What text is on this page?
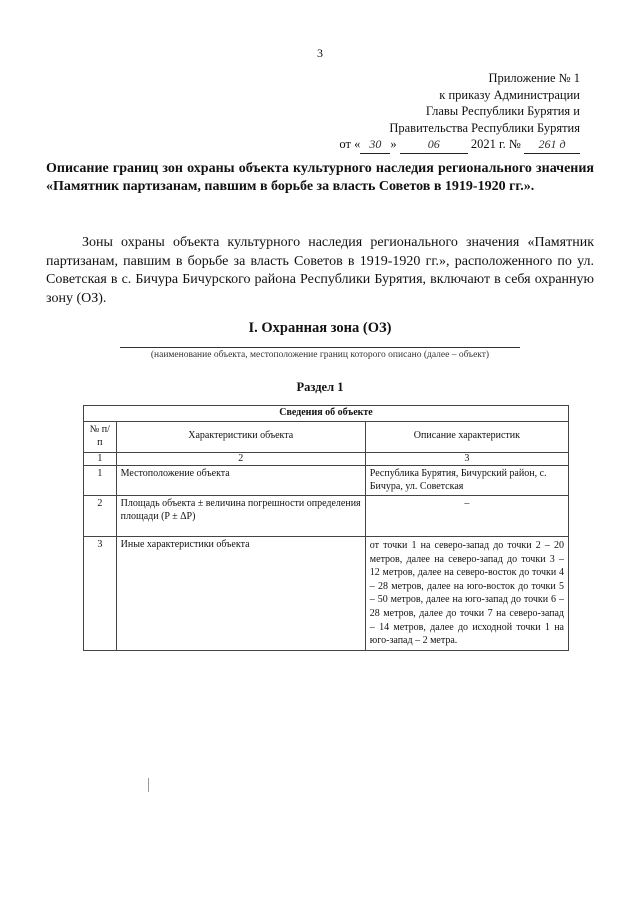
3
Приложение № 1
к приказу Администрации
Главы Республики Бурятия и
Правительства Республики Бурятия
от « 30 »	06 2021 г. № 261 д
Описание границ зон охраны объекта культурного наследия регионального значения «Памятник партизанам, павшим в борьбе за власть Советов в 1919-1920 гг.».
Зоны охраны объекта культурного наследия регионального значения «Памятник партизанам, павшим в борьбе за власть Советов в 1919-1920 гг.», расположенного по ул. Советская в с. Бичура Бичурского района Республики Бурятия, включают в себя охранную зону (ОЗ).
I. Охранная зона (ОЗ)
(наименование объекта, местоположение границ которого описано (далее – объект)
Раздел 1
Сведения об объекте		
№ п/п	Характеристики объекта	Описание характеристик
1	2	3
1	Местоположение объекта	Республика Бурятия, Бичурский район, с. Бичура, ул. Советская
2	Площадь объекта ± величина погрешности определения площади (P ± ΔP)	–
3	Иные характеристики объекта	от точки 1 на северо-запад до точки 2 – 20 метров, далее на северо-запад до точки 3 – 12 метров, далее на северо-восток до точки 4 – 28 метров, далее на юго-восток до точки 5 – 50 метров, далее на юго-запад до точки 6 – 28 метров, далее до точки 7 на северо-запад – 14 метров, далее до исходной точки 1 на юго-запад – 2 метра.
